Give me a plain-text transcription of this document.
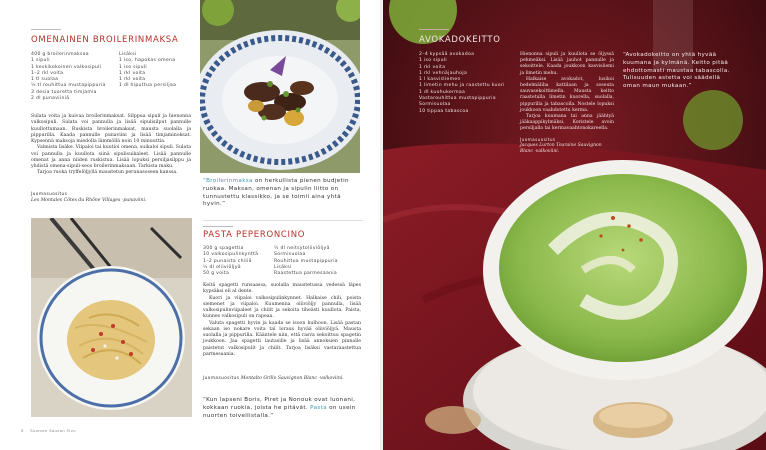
OMENAINEN BROILERINMAKSA
400 g broilerinmaksaa
1 sipuli
1 keskikokoinen valkosipuli
1–2 rkl voita
1 tl suolaa
½ tl rouhittua mustapippuria
3 desia tuoretta timjamia
2 dl punaviiniä
Lisäksi
1 iso, hapokas omena
1 iso sipuli
1 rkl voita
1 rkl voita
1 dl hiputtua persiljaa

Sulata voita ja kuivaa broilerinmaksat. Silppua sipuli ja hienonna valkosipuli. Sulata voi pannulla ja lisää sipulisilput pannulle kuullottumaan. Ruskista broilerinmaksat, mausta suolalla ja pippurilla. Kaada pannulle punaviini ja lisää timjaminoksat. Kypsennä maksoja miedolla lämmöllä noin 10 minuuttia.

Valmista lisäke. Viipaloi tai kuutioi omena, suikaloi sipuli. Sulata voi pannulla ja kuullota siinä sipulisuikaleet. Lisää pannulle omenat ja anna niiden ruskistua. Lisää lopuksi persiljasilppu ja yhdistä omena-sipuli-seos broilerinmaksaan. Tarkista maku.

Tarjoa ruoka tryffelöljyllä maustetun perunasoseen kanssa.

Juomasuositus
Les Montales Côtes du Rhône Villages -punaviini.
“Broilerinmaksa on herkullista pienen budjetin ruokaa. Maksan, omenan ja sipulin liitto on tunnustettu klassikko, ja se toimii aina yhtä hyvin.”
PASTA PEPERONCINO
300 g spagettia
10 valkosipulinkynttä
1–2 punaista chiliä
½ dl oliiviöljyä
50 g voita
½ dl neitsytoliiviöljyä
Sormisuolaa
Rouhittua mustapippuria
Lisäksi
Raastettua parmesaania

Keitä spagetti runsaassa, suolalla maustetussa vedessä läpes kypsäksi eli al dente.

Kuori ja viipaloi valkosipulinkynnet. Halkaise chili, poista siemenet ja viipaloi. Kuumenna oliiviöljy pannulla, lisää valkosipulinviipaleet ja chilit ja sekoita tiheästi kuullota. Paista, kunnes valkosipuli on rapeaa.

Valuta spagetti hyvin ja kaada se isoon kulhoon. Lisää pastan sekaan iso nokare voita tai loraus hyvää oliiviöljyä. Mausta suolalla ja pippurilla. Kääntele niin, että rasva sekoittuu spagetin joukkoon. Jaa spagetti lautasille ja lisää annoksien pinnalle paistetut valkosipulit ja chilit. Tarjoa lisäksi vastaraastettua parmesaania.

Juomasuositus Montalto Grillo Sauvignon Blanc -valkoviini.
“Kun lapseni Boris, Piret ja Nonouk ovat luonani, kokkaan ruokia, joista he pitävät. Pasta on usein nuorten toiveilistalla.”
8 Suomen Sauvan Sivu
AVOKADOKEITTO
2–4 kypsää avokadoa
1 iso sipuli
1 rkl voita
1 rkl vehnäjauhoja
1 l kasvisliemen
1 limetin mehu ja raastettu kuori
1 dl kuohukermaa
Vastarouhittua mustapippuria
Sormisuolaa
10 tippaa tabascoa

Hienonna sipuli ja kuullota se öljyssä pehmeäksi. Lisää jauhot pannulle ja sekoittele. Kaada joukkoon kasvisliemi ja limetin mehu.

Halkaise avokadot, lusikoi hedelmäliha kattilaan ja soseuta sauvasekoittimella. Mausta keitto raastetulla limetin kuorella, suolalla, pippurilla ja tabascolla. Nostele lopuksi joukkoon vaahdotettu kerma.

Tarjoa kuumana tai anna jäähtyä jääkaappikylmäksi. Koristele avoin persiljalla tai kermavaahtonokareella.

Juomasuositus
Jacques Lurton Touraine Sauvignon Blanc -valkoviini.
“Avokadokeitto on yhtä hyvää kuumana ja kylmänä. Keitto pitää ehdottomasti maustaa tabascolla. Tulisuuden astetta voi säädellä oman maun mukaan.”
